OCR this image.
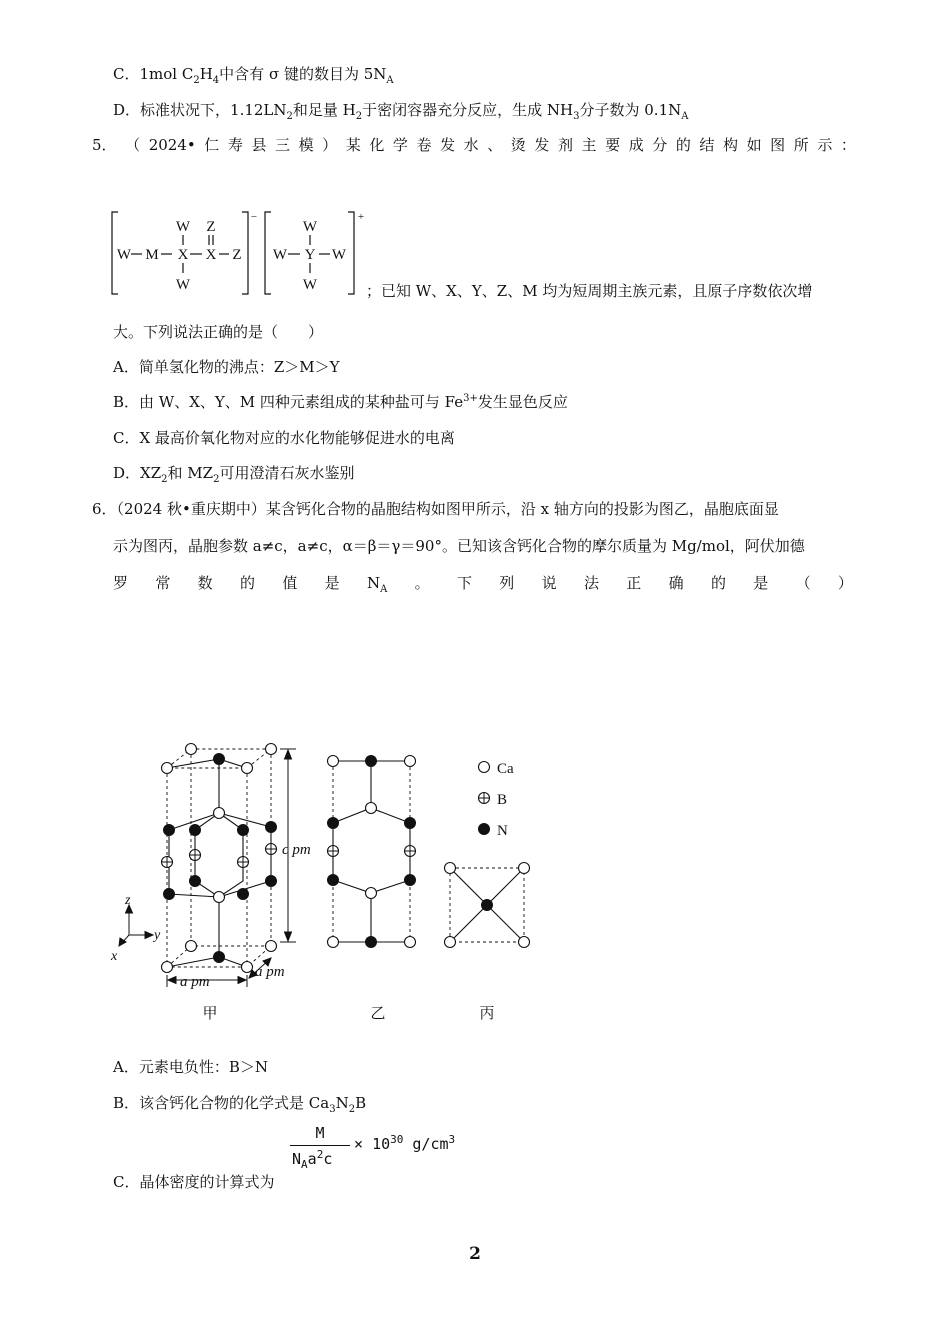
C．1mol $C_2H_4$中含有 σ 键的数目为 $5N_A$
D．标准状况下，$1.12LN_2$和足量 $H_2$于密闭容器充分反应，生成 $NH_3$分子数为 $0.1N_A$
5． （ 2024• 仁 寿 县 三 模 ） 某 化 学 卷 发 水 、 烫 发 剂 主 要 成 分 的 结 构 如 图 所 示 ：
W M X X Z
W Z
W
−
W
W
Y W
W
+
；已知 W、X、Y、Z、M 均为短周期主族元素，且原子序数依次增
大。下列说法正确的是（　　）
A．简单氢化物的沸点：Z＞M＞Y
B．由 W、X、Y、M 四种元素组成的某种盐可与 $Fe^{3+}$发生显色反应
C．X 最高价氧化物对应的水化物能够促进水的电离
D．$XZ_2$和 $MZ_2$可用澄清石灰水鉴别
6．（2024 秋•重庆期中）某含钙化合物的晶胞结构如图甲所示，沿 x 轴方向的投影为图乙，晶胞底面显
示为图丙，晶胞参数 a≠c，a≠c，α＝β＝γ＝90°。已知该含钙化合物的摩尔质量为 Mg/mol，阿伏加德
罗 常 数 的 值 是 $N_A$ 。 下 列 说 法 正 确 的 是 （ ）
c pm
a pm
a pm
z
y
x
Ca
B
N
甲	乙	丙
A．元素电负性：B＞N
B．该含钙化合物的化学式是 $Ca_3N_2B$
M
$N_Aa^2c$
× $10^{30}$ $g/cm^3$
C．晶体密度的计算式为
2
